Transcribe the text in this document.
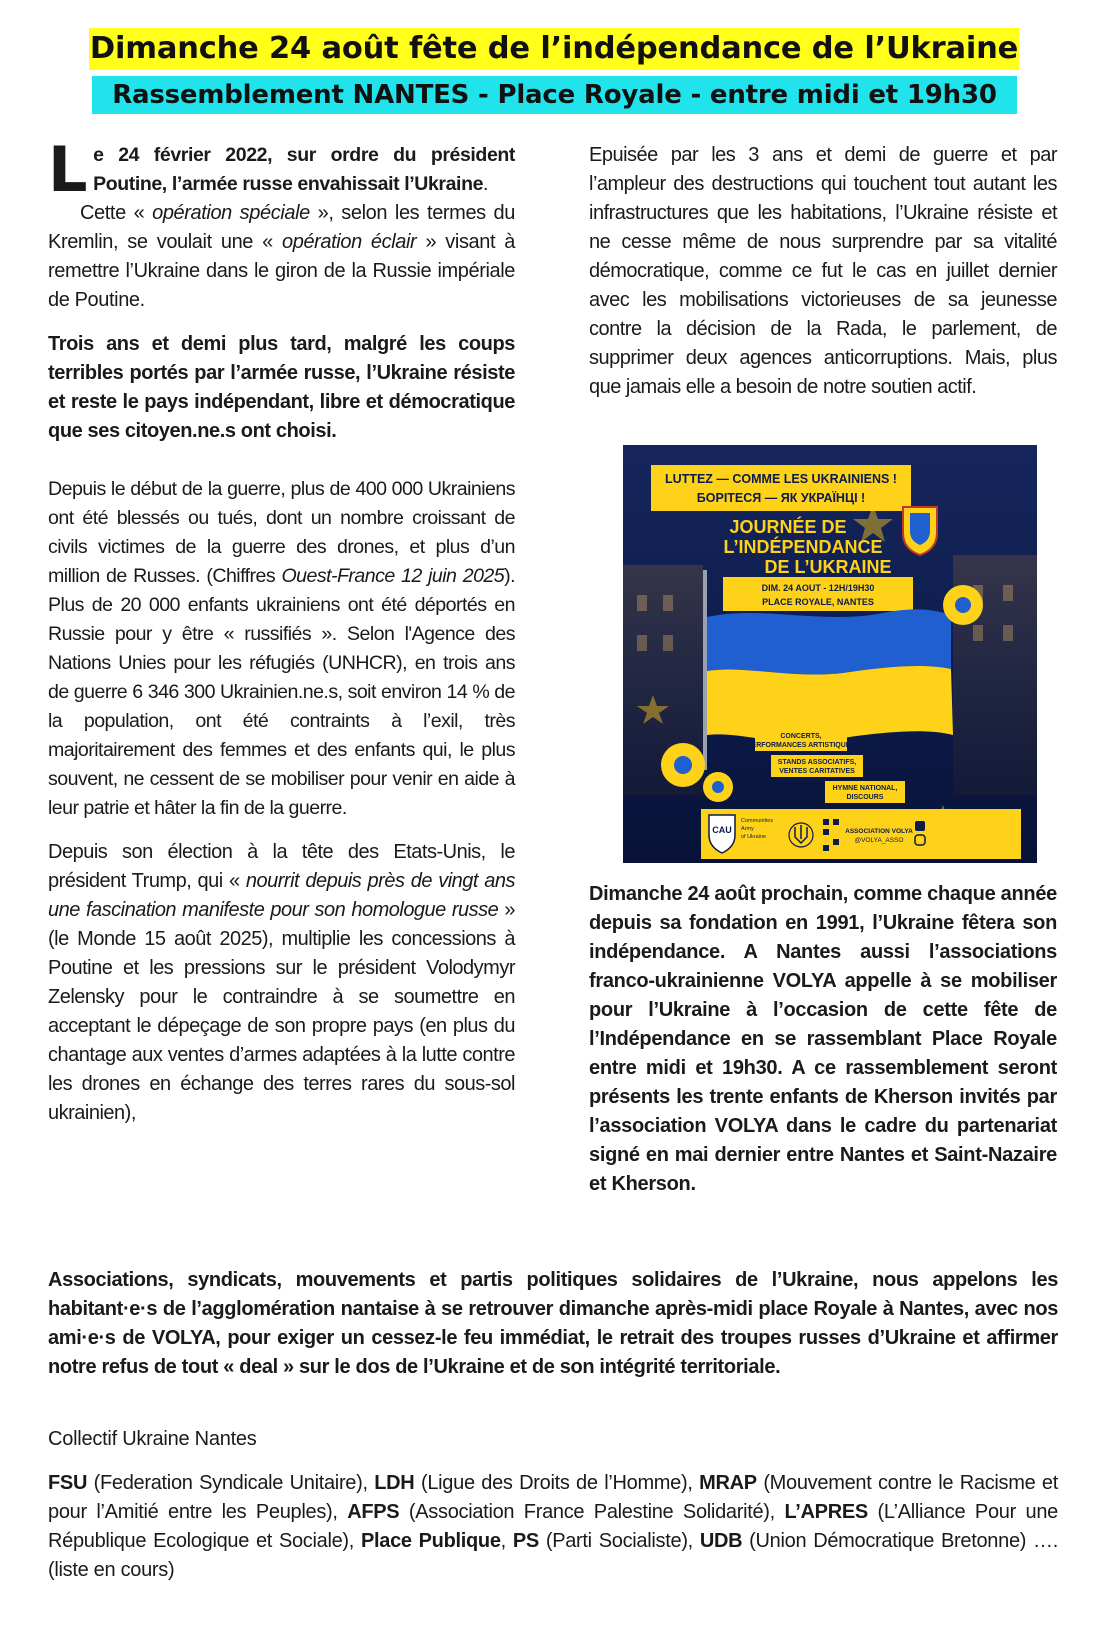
Dimanche 24 août fête de l’indépendance de l’Ukraine
Rassemblement NANTES - Place Royale - entre midi et 19h30

Le 24 février 2022, sur ordre du président Poutine, l’armée russe envahissait l’Ukraine.

Cette « opération spéciale », selon les termes du Kremlin, se voulait une « opération éclair » visant à remettre l’Ukraine dans le giron de la Russie impériale de Poutine.

Trois ans et demi plus tard, malgré les coups terribles portés par l’armée russe, l’Ukraine résiste et reste le pays indépendant, libre et démocratique que ses citoyen.ne.s ont choisi.

Depuis le début de la guerre, plus de 400 000 Ukrainiens ont été blessés ou tués, dont un nombre croissant de civils victimes de la guerre des drones, et plus d’un million de Russes. (Chiffres Ouest-France 12 juin 2025). Plus de 20 000 enfants ukrainiens ont été déportés en Russie pour y être « russifiés ». Selon l'Agence des Nations Unies pour les réfugiés (UNHCR), en trois ans de guerre 6 346 300 Ukrainien.ne.s, soit environ 14 % de la population, ont été contraints à l’exil, très majoritairement des femmes et des enfants qui, le plus souvent, ne cessent de se mobiliser pour venir en aide à leur patrie et hâter la fin de la guerre.

Depuis son élection à la tête des Etats-Unis, le président Trump, qui « nourrit depuis près de vingt ans une fascination manifeste pour son homologue russe » (le Monde 15 août 2025), multiplie les concessions à Poutine et les pressions sur le président Volodymyr Zelensky pour le contraindre à se soumettre en acceptant le dépeçage de son propre pays (en plus du chantage aux ventes d’armes adaptées à la lutte contre les drones en échange des terres rares du sous-sol ukrainien),

Epuisée par les 3 ans et demi de guerre et par l’ampleur des destructions qui touchent tout autant les infrastructures que les habitations, l’Ukraine résiste et ne cesse même de nous surprendre par sa vitalité démocratique, comme ce fut le cas en juillet dernier avec les mobilisations victorieuses de sa jeunesse contre la décision de la Rada, le parlement, de supprimer deux agences anticorruptions. Mais, plus que jamais elle a besoin de notre soutien actif.

LUTTEZ — COMME LES UKRAINIENS !
БОРІТЕСЯ — ЯК УКРАЇНЦІ !
JOURNÉE DE
L’INDÉPENDANCE
DE L’UKRAINE
DIM. 24 AOUT - 12H/19H30
PLACE ROYALE, NANTES
CONCERTS,
PERFORMANCES ARTISTIQUES
STANDS ASSOCIATIFS,
VENTES CARITATIVES
HYMNE NATIONAL,
DISCOURS
CAU
Communities
Army
of Ukraine
ASSOCIATION VOLYA
@VOLYA_ASSO

Dimanche 24 août prochain, comme chaque année depuis sa fondation en 1991, l’Ukraine fêtera son indépendance. A Nantes aussi l’associations franco-ukrainienne VOLYA appelle à se mobiliser pour l’Ukraine à l’occasion de cette fête de l’Indépendance en se rassemblant Place Royale entre midi et 19h30. A ce rassemblement seront présents les trente enfants de Kherson invités par l’association VOLYA dans le cadre du partenariat signé en mai dernier entre Nantes et Saint-Nazaire et Kherson.

Associations, syndicats, mouvements et partis politiques solidaires de l’Ukraine, nous appelons les habitant·e·s de l’agglomération nantaise à se retrouver dimanche après-midi place Royale à Nantes, avec nos ami·e·s de VOLYA, pour exiger un cessez-le feu immédiat, le retrait des troupes russes d’Ukraine et affirmer notre refus de tout « deal » sur le dos de l’Ukraine et de son intégrité territoriale.

Collectif Ukraine Nantes

FSU (Federation Syndicale Unitaire), LDH (Ligue des Droits de l’Homme), MRAP (Mouvement contre le Racisme et pour l’Amitié entre les Peuples), AFPS (Association France Palestine Solidarité), L’APRES (L’Alliance Pour une République Ecologique et Sociale), Place Publique, PS (Parti Socialiste), UDB (Union Démocratique Bretonne) …. (liste en cours)
